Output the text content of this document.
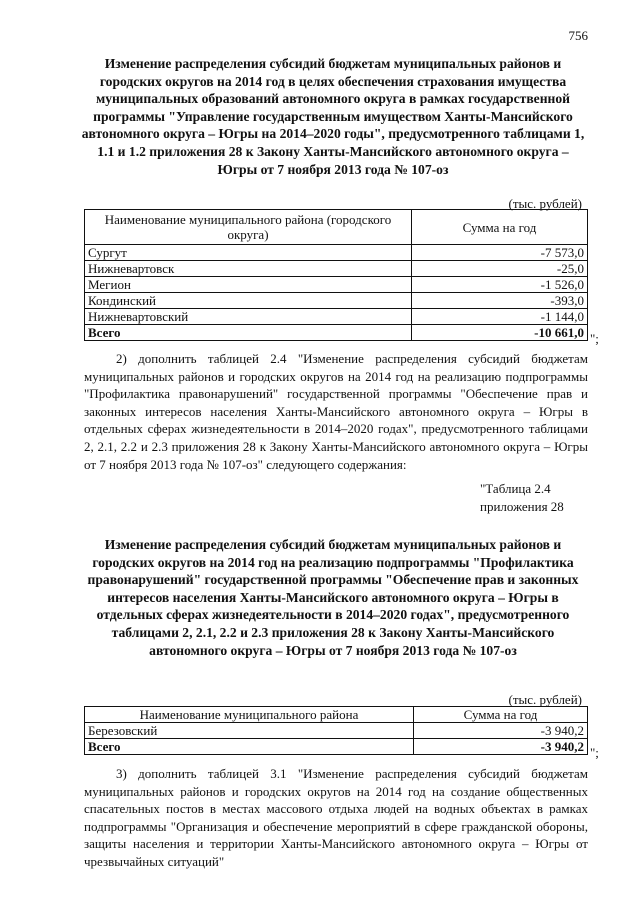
756
Изменение распределения субсидий бюджетам муниципальных районов и городских округов на 2014 год в целях обеспечения страхования имущества муниципальных образований автономного округа в рамках государственной программы "Управление государственным имуществом Ханты-Мансийского автономного округа – Югры на 2014–2020 годы", предусмотренного таблицами 1, 1.1 и 1.2 приложения 28 к Закону Ханты-Мансийского автономного округа – Югры от 7 ноября 2013 года № 107-оз
(тыс. рублей)
Наименование муниципального района (городского округа)	Сумма на год
Сургут	-7 573,0
Нижневартовск	-25,0
Мегион	-1 526,0
Кондинский	-393,0
Нижневартовский	-1 144,0
Всего	-10 661,0 ";
2) дополнить таблицей 2.4 "Изменение распределения субсидий бюджетам муниципальных районов и городских округов на 2014 год на реализацию подпрограммы "Профилактика правонарушений" государственной программы "Обеспечение прав и законных интересов населения Ханты-Мансийского автономного округа – Югры в отдельных сферах жизнедеятельности в 2014–2020 годах", предусмотренного таблицами 2, 2.1, 2.2 и 2.3 приложения 28 к Закону Ханты-Мансийского автономного округа – Югры от 7 ноября 2013 года № 107-оз" следующего содержания:
"Таблица 2.4
приложения 28
Изменение распределения субсидий бюджетам муниципальных районов и городских округов на 2014 год на реализацию подпрограммы "Профилактика правонарушений" государственной программы "Обеспечение прав и законных интересов населения Ханты-Мансийского автономного округа – Югры в отдельных сферах жизнедеятельности в 2014–2020 годах", предусмотренного таблицами 2, 2.1, 2.2 и 2.3 приложения 28 к Закону Ханты-Мансийского автономного округа – Югры от 7 ноября 2013 года № 107-оз
(тыс. рублей)
Наименование муниципального района	Сумма на год
Березовский	-3 940,2
Всего	-3 940,2 ";
3) дополнить таблицей 3.1 "Изменение распределения субсидий бюджетам муниципальных районов и городских округов на 2014 год на создание общественных спасательных постов в местах массового отдыха людей на водных объектах в рамках подпрограммы "Организация и обеспечение мероприятий в сфере гражданской обороны, защиты населения и территории Ханты-Мансийского автономного округа – Югры от чрезвычайных ситуаций"
